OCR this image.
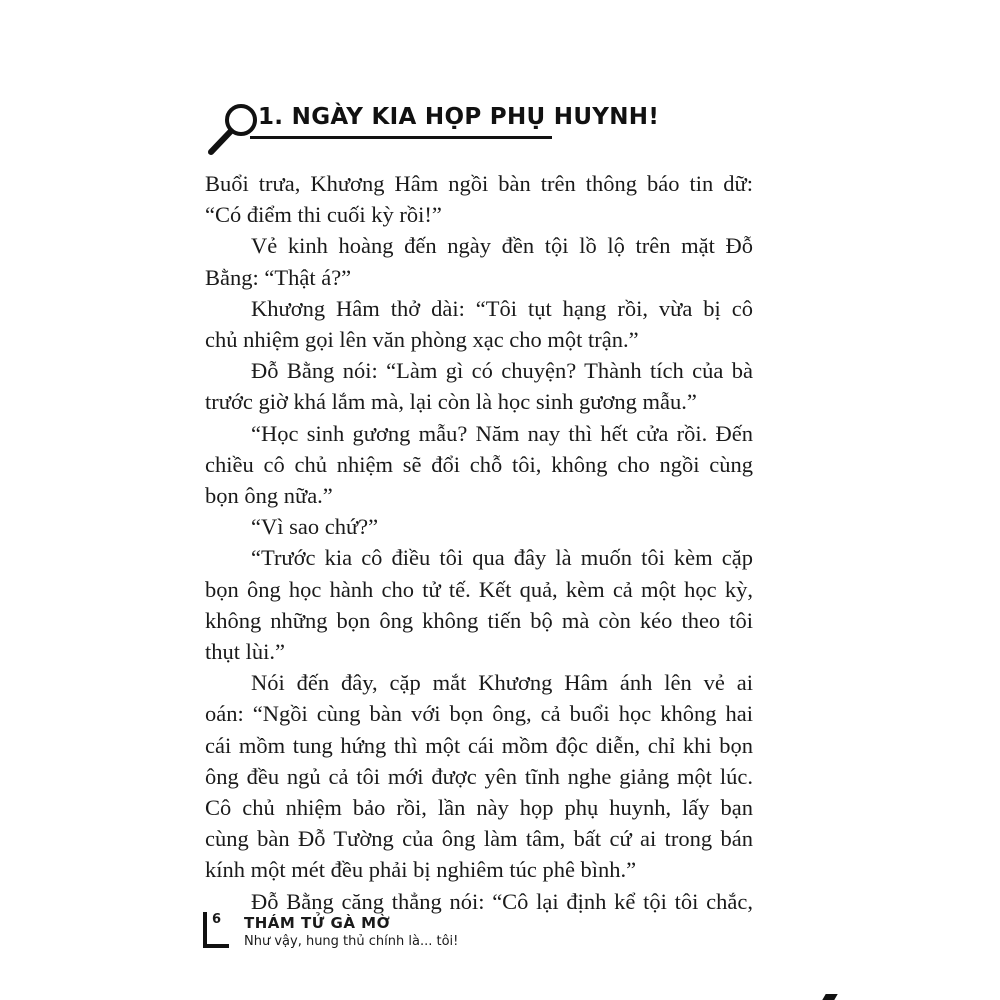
1. NGÀY KIA HỌP PHỤ HUYNH!
Buổi trưa, Khương Hâm ngồi bàn trên thông báo tin dữ:
“Có điểm thi cuối kỳ rồi!”
Vẻ kinh hoàng đến ngày đền tội lồ lộ trên mặt Đỗ
Bằng: “Thật á?”
Khương Hâm thở dài: “Tôi tụt hạng rồi, vừa bị cô
chủ nhiệm gọi lên văn phòng xạc cho một trận.”
Đỗ Bằng nói: “Làm gì có chuyện? Thành tích của bà
trước giờ khá lắm mà, lại còn là học sinh gương mẫu.”
“Học sinh gương mẫu? Năm nay thì hết cửa rồi. Đến
chiều cô chủ nhiệm sẽ đổi chỗ tôi, không cho ngồi cùng
bọn ông nữa.”
“Vì sao chứ?”
“Trước kia cô điều tôi qua đây là muốn tôi kèm cặp
bọn ông học hành cho tử tế. Kết quả, kèm cả một học kỳ,
không những bọn ông không tiến bộ mà còn kéo theo tôi
thụt lùi.”
Nói đến đây, cặp mắt Khương Hâm ánh lên vẻ ai
oán: “Ngồi cùng bàn với bọn ông, cả buổi học không hai
cái mồm tung hứng thì một cái mồm độc diễn, chỉ khi bọn
ông đều ngủ cả tôi mới được yên tĩnh nghe giảng một lúc.
Cô chủ nhiệm bảo rồi, lần này họp phụ huynh, lấy bạn
cùng bàn Đỗ Tường của ông làm tâm, bất cứ ai trong bán
kính một mét đều phải bị nghiêm túc phê bình.”
Đỗ Bằng căng thẳng nói: “Cô lại định kể tội tôi chắc,
6 THÁM TỬ GÀ MỜ
Như vậy, hung thủ chính là... tôi!
